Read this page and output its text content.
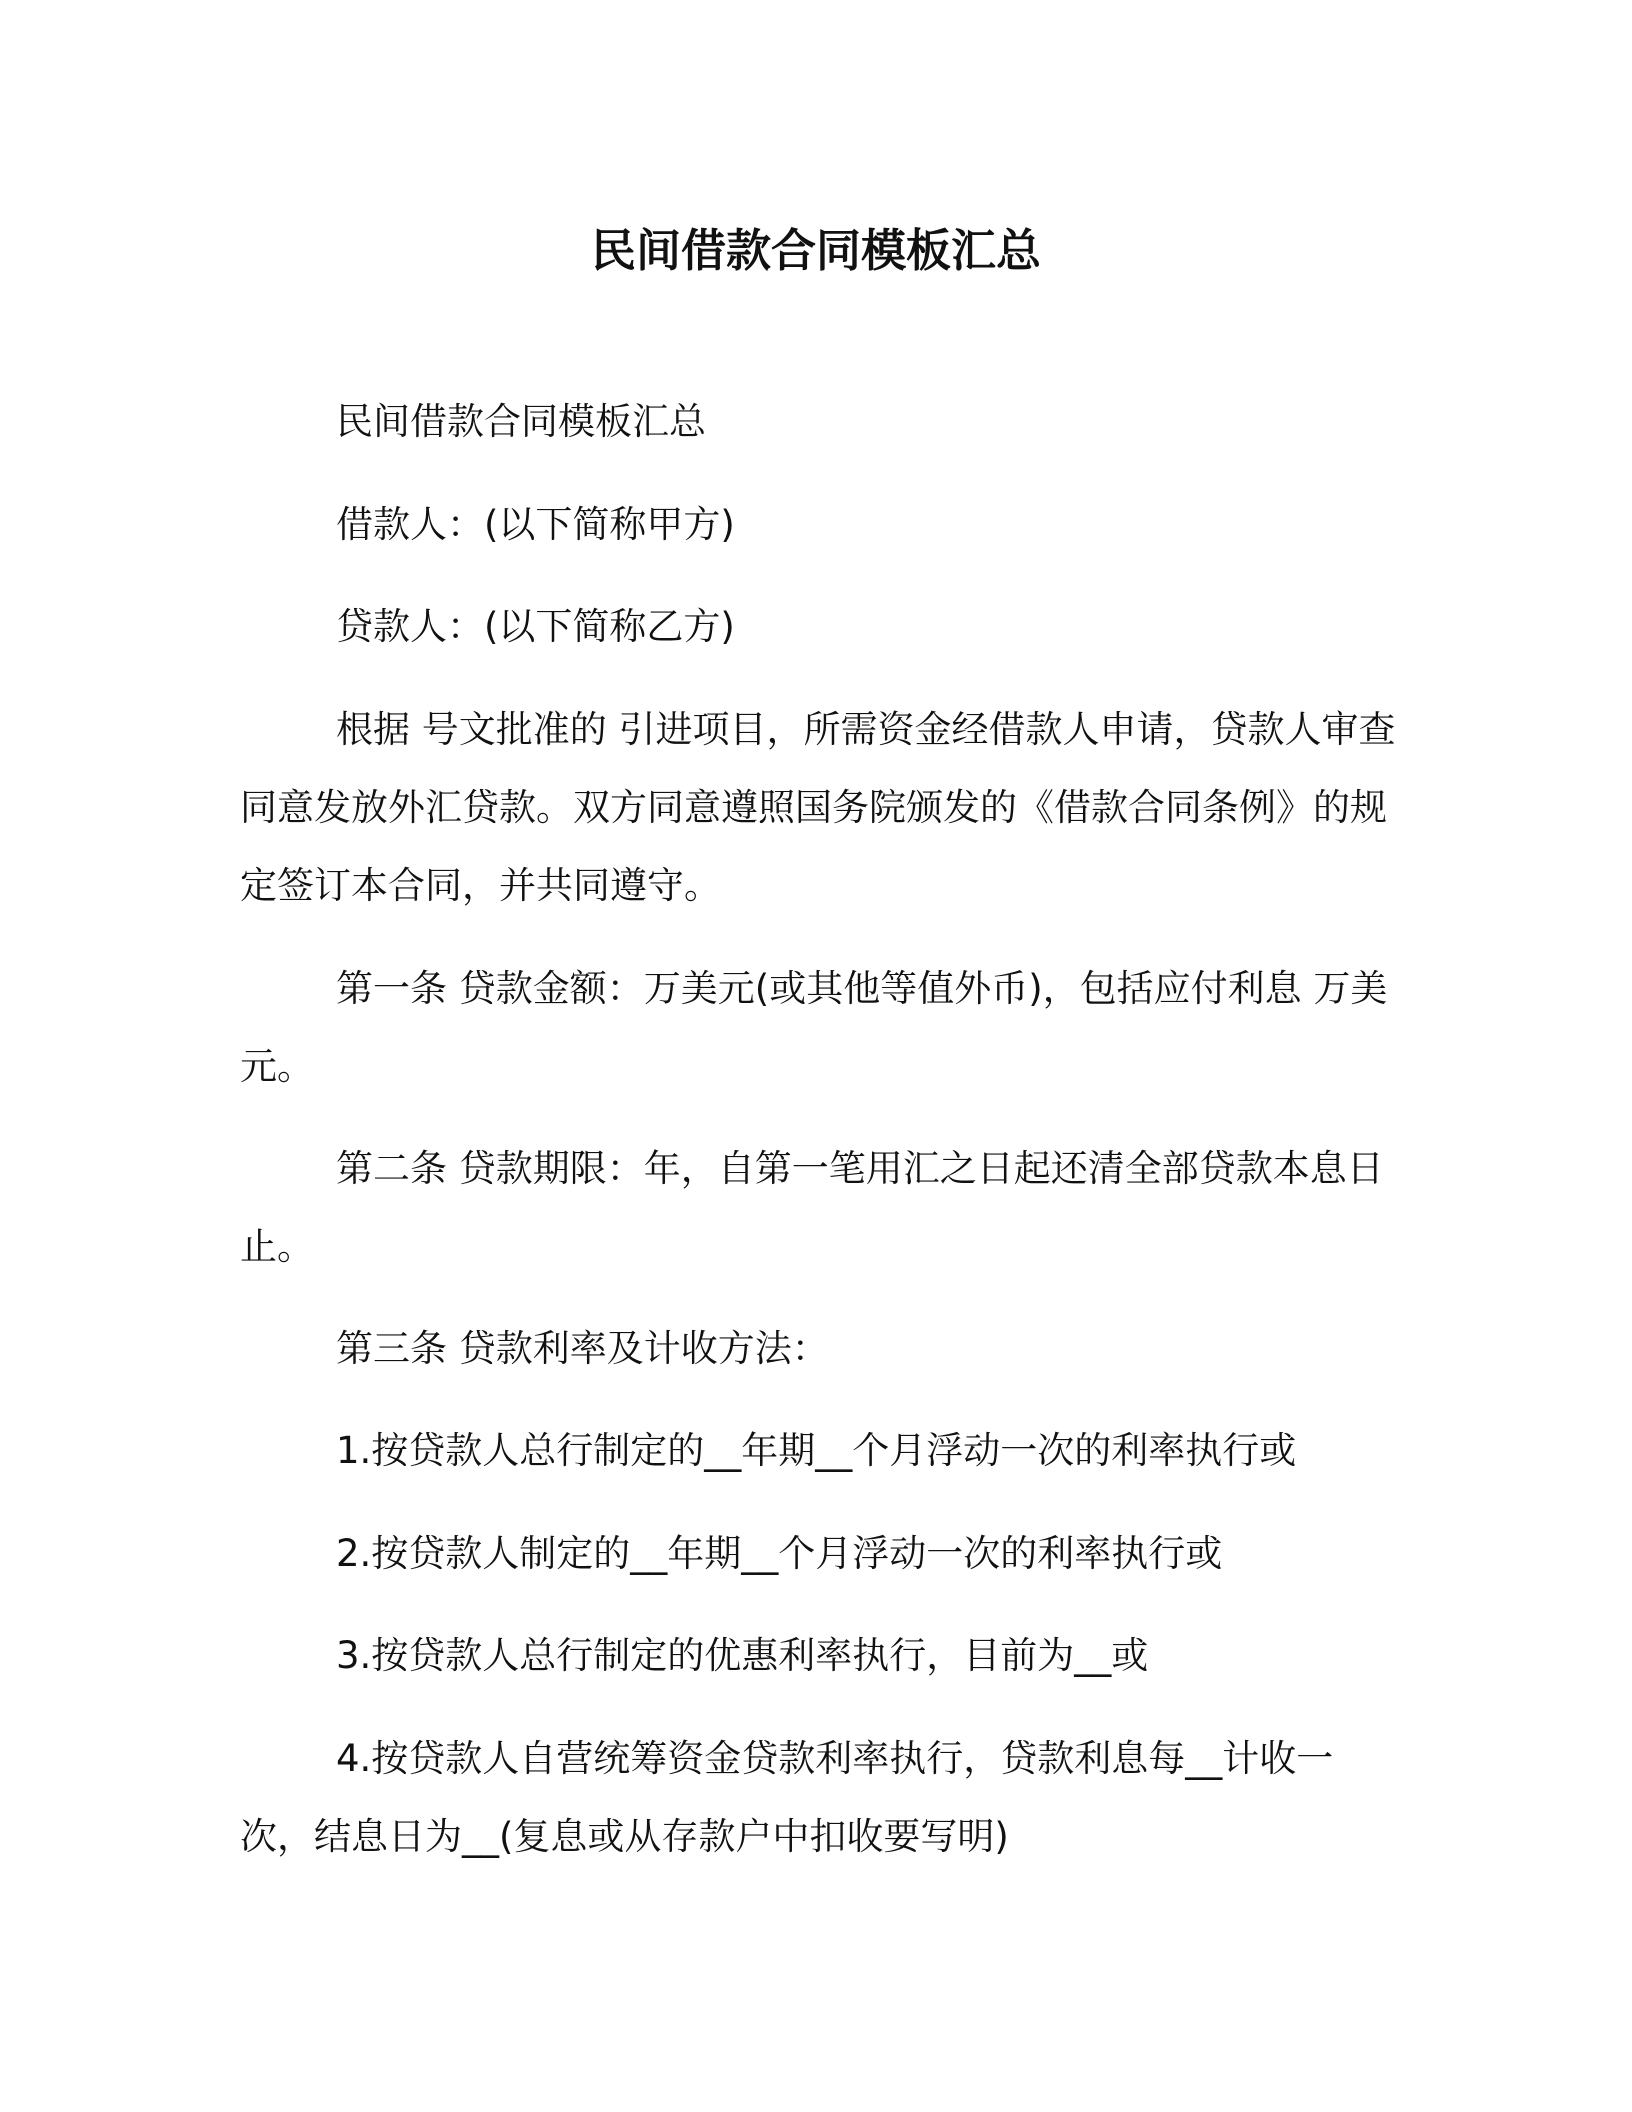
民间借款合同模板汇总

民间借款合同模板汇总

借款人：(以下简称甲方)

贷款人：(以下简称乙方)

根据 号文批准的 引进项目，所需资金经借款人申请，贷款人审查同意发放外汇贷款。双方同意遵照国务院颁发的《借款合同条例》的规定签订本合同，并共同遵守。

第一条 贷款金额：万美元(或其他等值外币)，包括应付利息 万美元。

第二条 贷款期限：年，自第一笔用汇之日起还清全部贷款本息日止。

第三条 贷款利率及计收方法：

1.按贷款人总行制定的__年期__个月浮动一次的利率执行或

2.按贷款人制定的__年期__个月浮动一次的利率执行或

3.按贷款人总行制定的优惠利率执行，目前为__或

4.按贷款人自营统筹资金贷款利率执行，贷款利息每__计收一次，结息日为__(复息或从存款户中扣收要写明)
